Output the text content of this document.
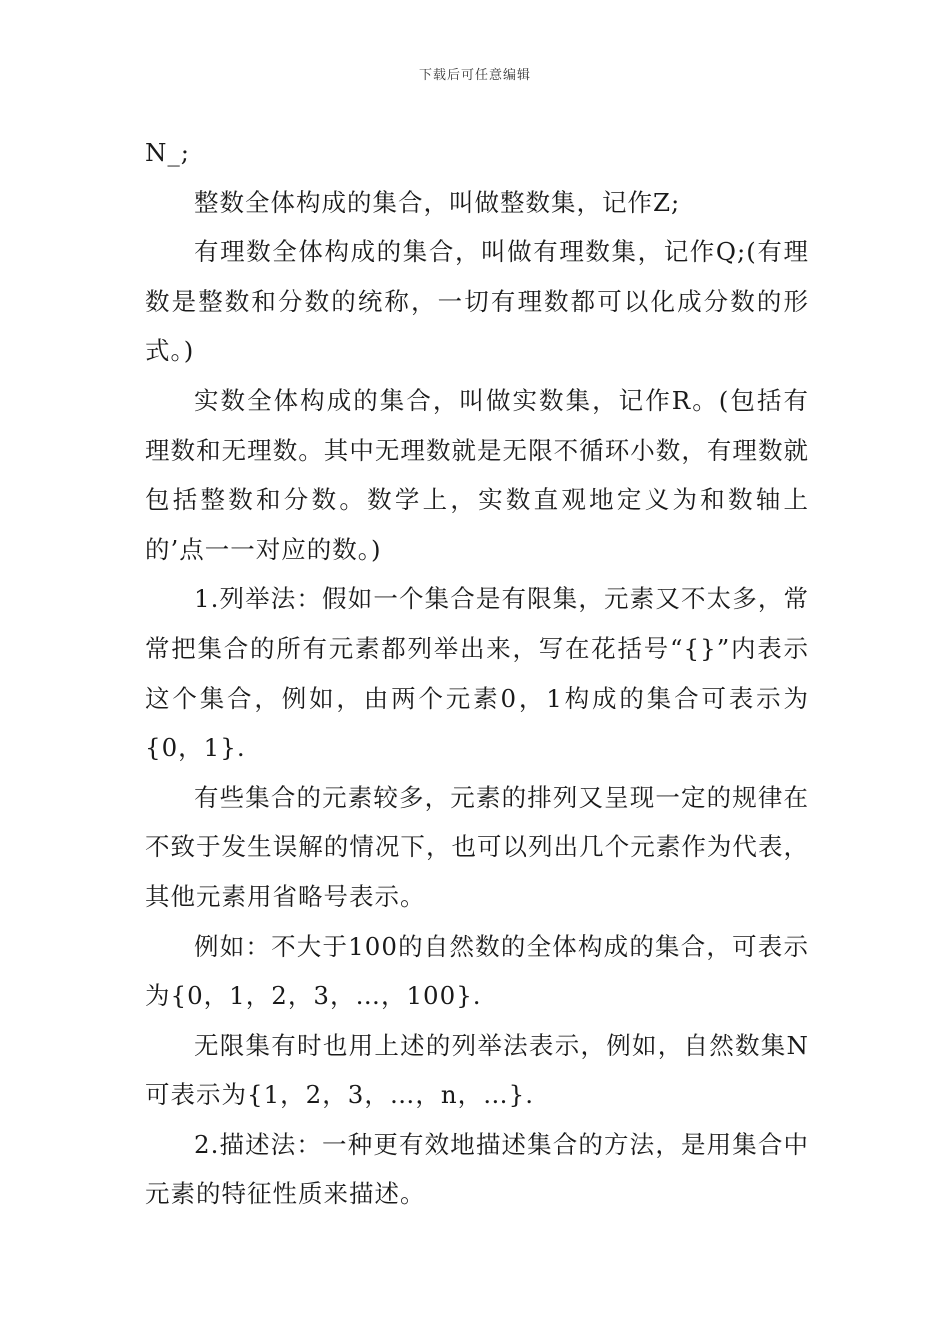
下载后可任意编辑

N_;

整数全体构成的集合，叫做整数集，记作Z;

有理数全体构成的集合，叫做有理数集，记作Q;(有理数是整数和分数的统称，一切有理数都可以化成分数的形式。)

实数全体构成的集合，叫做实数集，记作R。(包括有理数和无理数。其中无理数就是无限不循环小数，有理数就包括整数和分数。数学上，实数直观地定义为和数轴上的’点一一对应的数。)

1.列举法：假如一个集合是有限集，元素又不太多，常常把集合的所有元素都列举出来，写在花括号“{}”内表示这个集合，例如，由两个元素0，1构成的集合可表示为{0，1}.

有些集合的元素较多，元素的排列又呈现一定的规律在不致于发生误解的情况下，也可以列出几个元素作为代表，其他元素用省略号表示。

例如：不大于100的自然数的全体构成的集合，可表示为{0，1，2，3，…，100}.

无限集有时也用上述的列举法表示，例如，自然数集N可表示为{1，2，3，…，n，…}.

2.描述法：一种更有效地描述集合的方法，是用集合中元素的特征性质来描述。
